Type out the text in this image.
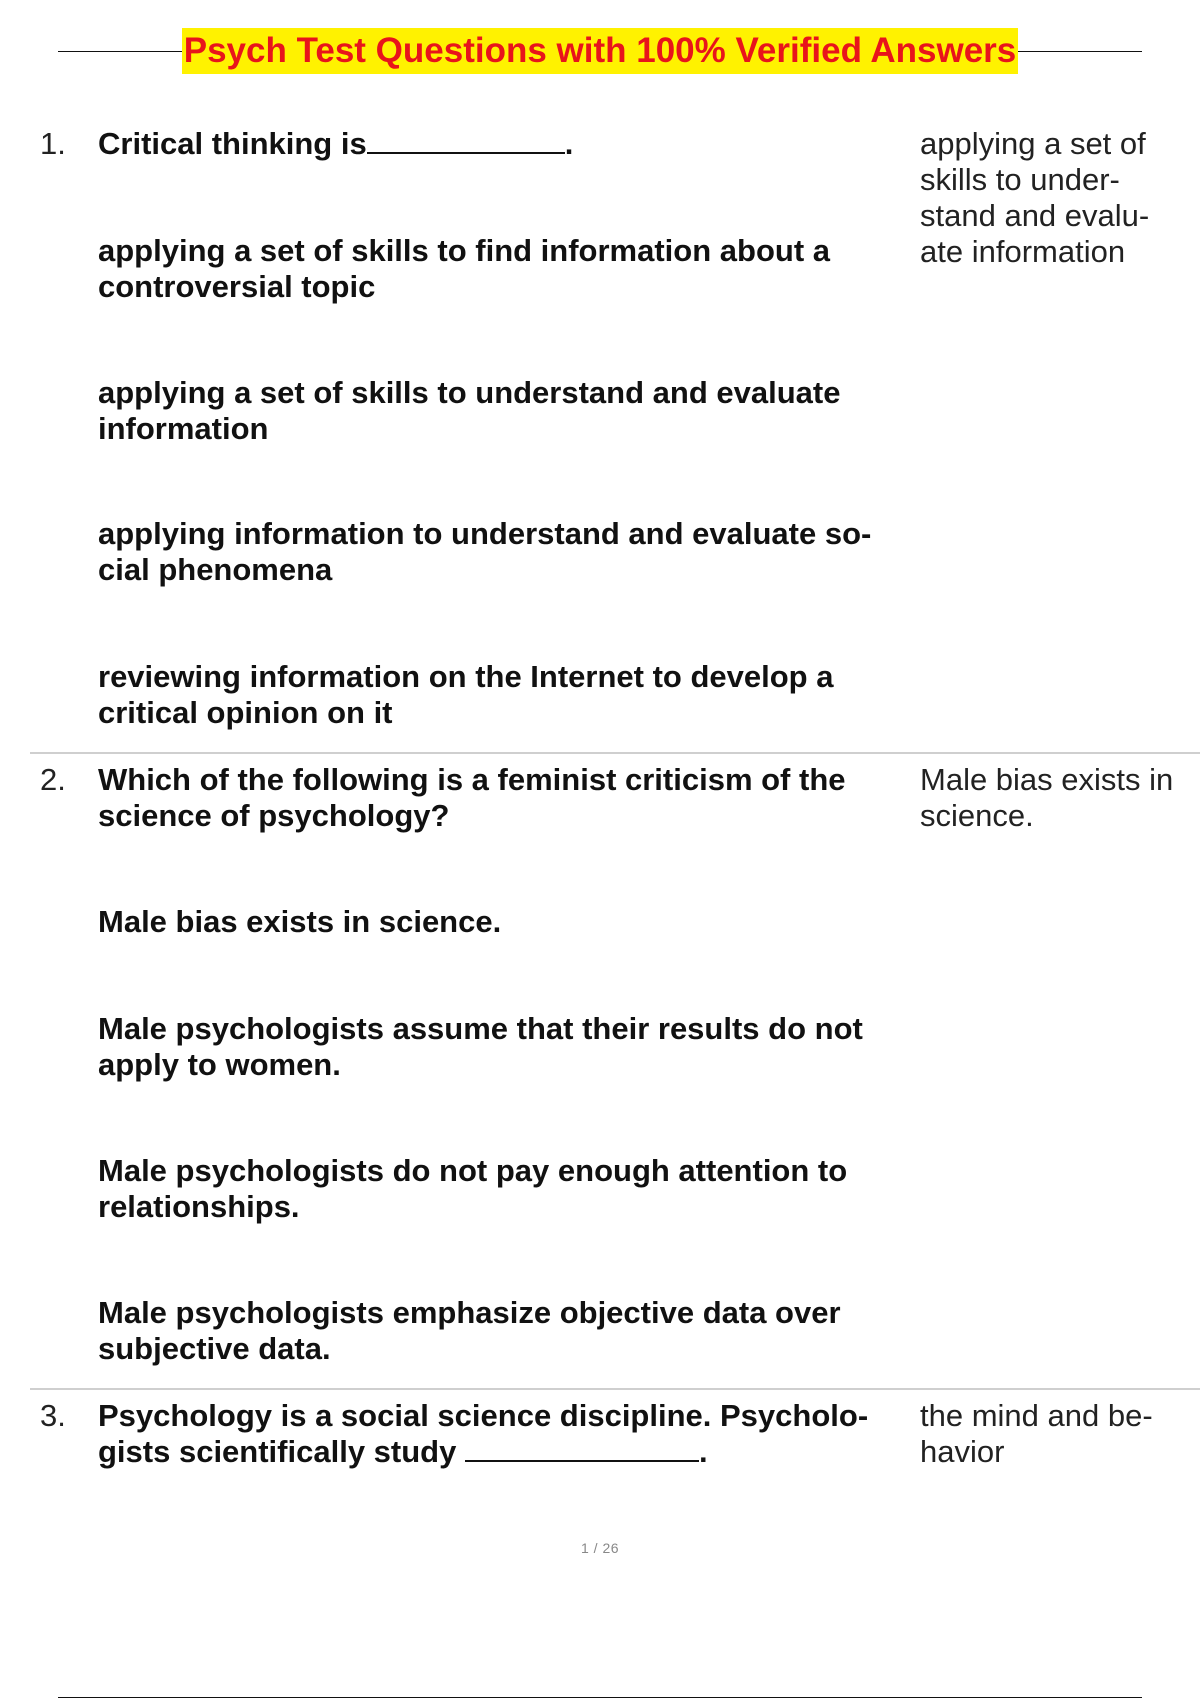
Psych Test Questions with 100% Verified Answers
1. Critical thinking is	.

applying a set of skills to find information about a controversial topic

applying a set of skills to understand and evaluate information

applying information to understand and evaluate so-cial phenomena

reviewing information on the Internet to develop a critical opinion on it

applying a set of skills to under-stand and evalu-ate information

2. Which of the following is a feminist criticism of the science of psychology?

Male bias exists in science.

Male psychologists assume that their results do not apply to women.

Male psychologists do not pay enough attention to relationships.

Male psychologists emphasize objective data over subjective data.

Male bias exists in science.

3. Psychology is a social science discipline. Psycholo-gists scientifically study	.

the mind and be-havior

1 / 26
